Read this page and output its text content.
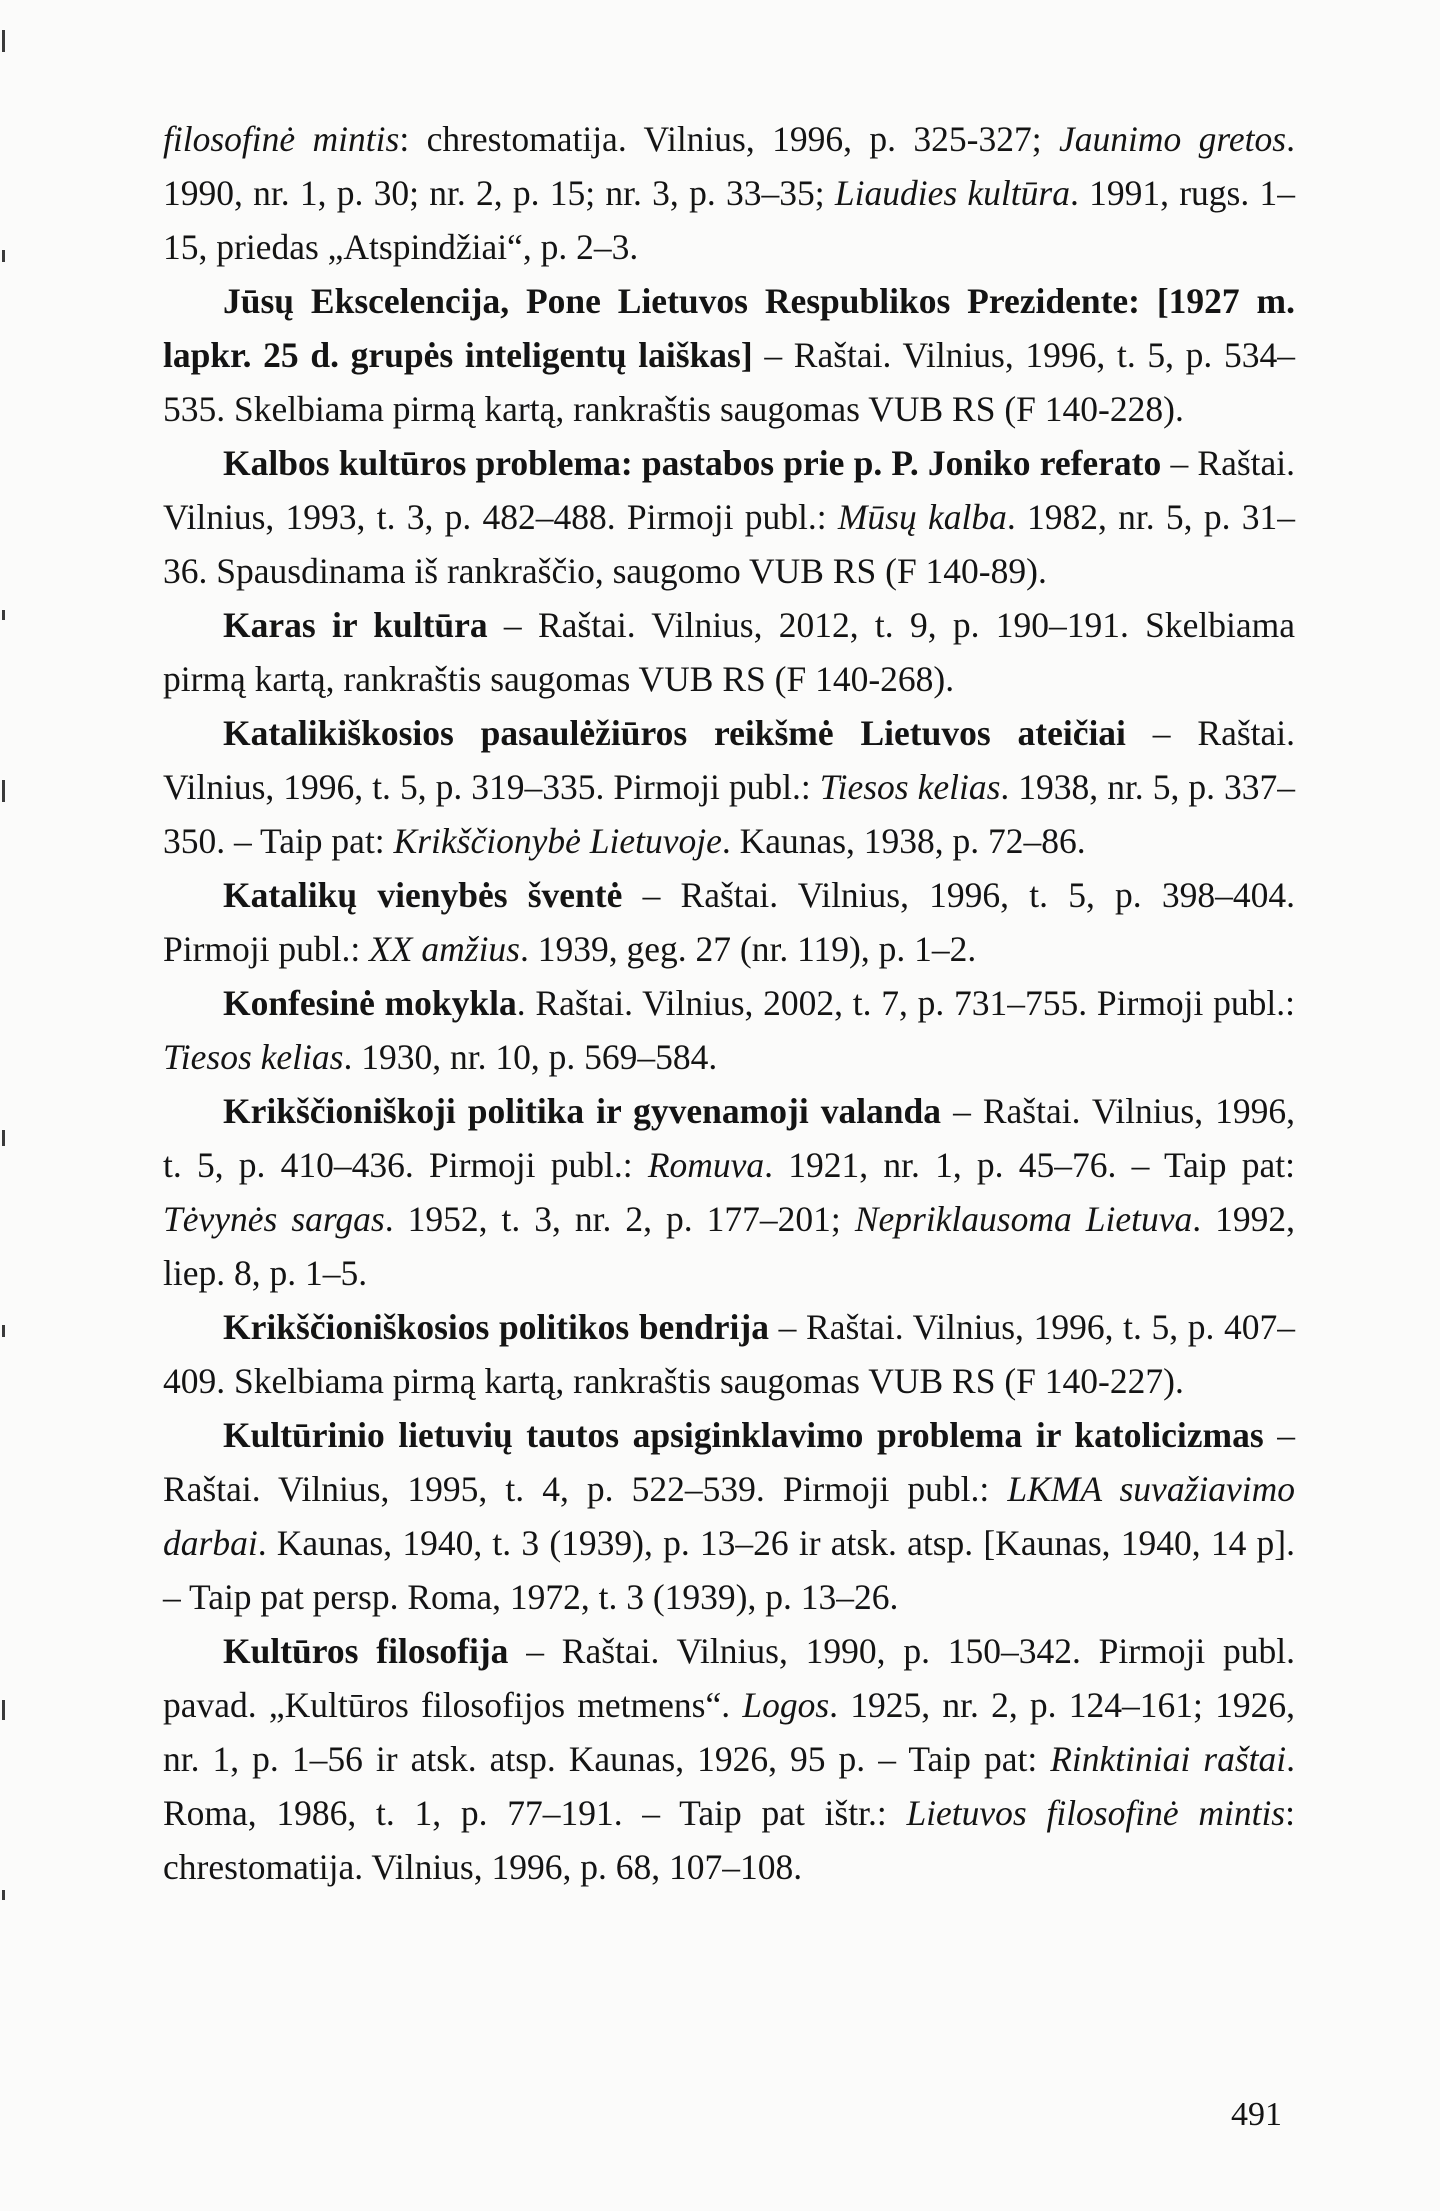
filosofinė mintis: chrestomatija. Vilnius, 1996, p. 325-327; Jaunimo gretos. 1990, nr. 1, p. 30; nr. 2, p. 15; nr. 3, p. 33–35; Liaudies kultūra. 1991, rugs. 1–15, priedas „Atspindžiai“, p. 2–3.

Jūsų Ekscelencija, Pone Lietuvos Respublikos Prezidente: [1927 m. lapkr. 25 d. grupės inteligentų laiškas] – Raštai. Vilnius, 1996, t. 5, p. 534–535. Skelbiama pirmą kartą, rankraštis saugomas VUB RS (F 140-228).

Kalbos kultūros problema: pastabos prie p. P. Joniko referato – Raštai. Vilnius, 1993, t. 3, p. 482–488. Pirmoji publ.: Mūsų kalba. 1982, nr. 5, p. 31–36. Spausdinama iš rankraščio, saugomo VUB RS (F 140-89).

Karas ir kultūra – Raštai. Vilnius, 2012, t. 9, p. 190–191. Skelbiama pirmą kartą, rankraštis saugomas VUB RS (F 140-268).

Katalikiškosios pasaulėžiūros reikšmė Lietuvos ateičiai – Raštai. Vilnius, 1996, t. 5, p. 319–335. Pirmoji publ.: Tiesos kelias. 1938, nr. 5, p. 337–350. – Taip pat: Krikščionybė Lietuvoje. Kaunas, 1938, p. 72–86.

Katalikų vienybės šventė – Raštai. Vilnius, 1996, t. 5, p. 398–404. Pirmoji publ.: XX amžius. 1939, geg. 27 (nr. 119), p. 1–2.

Konfesinė mokykla. Raštai. Vilnius, 2002, t. 7, p. 731–755. Pirmoji publ.: Tiesos kelias. 1930, nr. 10, p. 569–584.

Krikščioniškoji politika ir gyvenamoji valanda – Raštai. Vilnius, 1996, t. 5, p. 410–436. Pirmoji publ.: Romuva. 1921, nr. 1, p. 45–76. – Taip pat: Tėvynės sargas. 1952, t. 3, nr. 2, p. 177–201; Nepriklausoma Lietuva. 1992, liep. 8, p. 1–5.

Krikščioniškosios politikos bendrija – Raštai. Vilnius, 1996, t. 5, p. 407–409. Skelbiama pirmą kartą, rankraštis saugomas VUB RS (F 140-227).

Kultūrinio lietuvių tautos apsiginklavimo problema ir katolicizmas – Raštai. Vilnius, 1995, t. 4, p. 522–539. Pirmoji publ.: LKMA suvažiavimo darbai. Kaunas, 1940, t. 3 (1939), p. 13–26 ir atsk. atsp. [Kaunas, 1940, 14 p]. – Taip pat persp. Roma, 1972, t. 3 (1939), p. 13–26.

Kultūros filosofija – Raštai. Vilnius, 1990, p. 150–342. Pirmoji publ. pavad. „Kultūros filosofijos metmens“. Logos. 1925, nr. 2, p. 124–161; 1926, nr. 1, p. 1–56 ir atsk. atsp. Kaunas, 1926, 95 p. – Taip pat: Rinktiniai raštai. Roma, 1986, t. 1, p. 77–191. – Taip pat ištr.: Lietuvos filosofinė mintis: chrestomatija. Vilnius, 1996, p. 68, 107–108.

491
